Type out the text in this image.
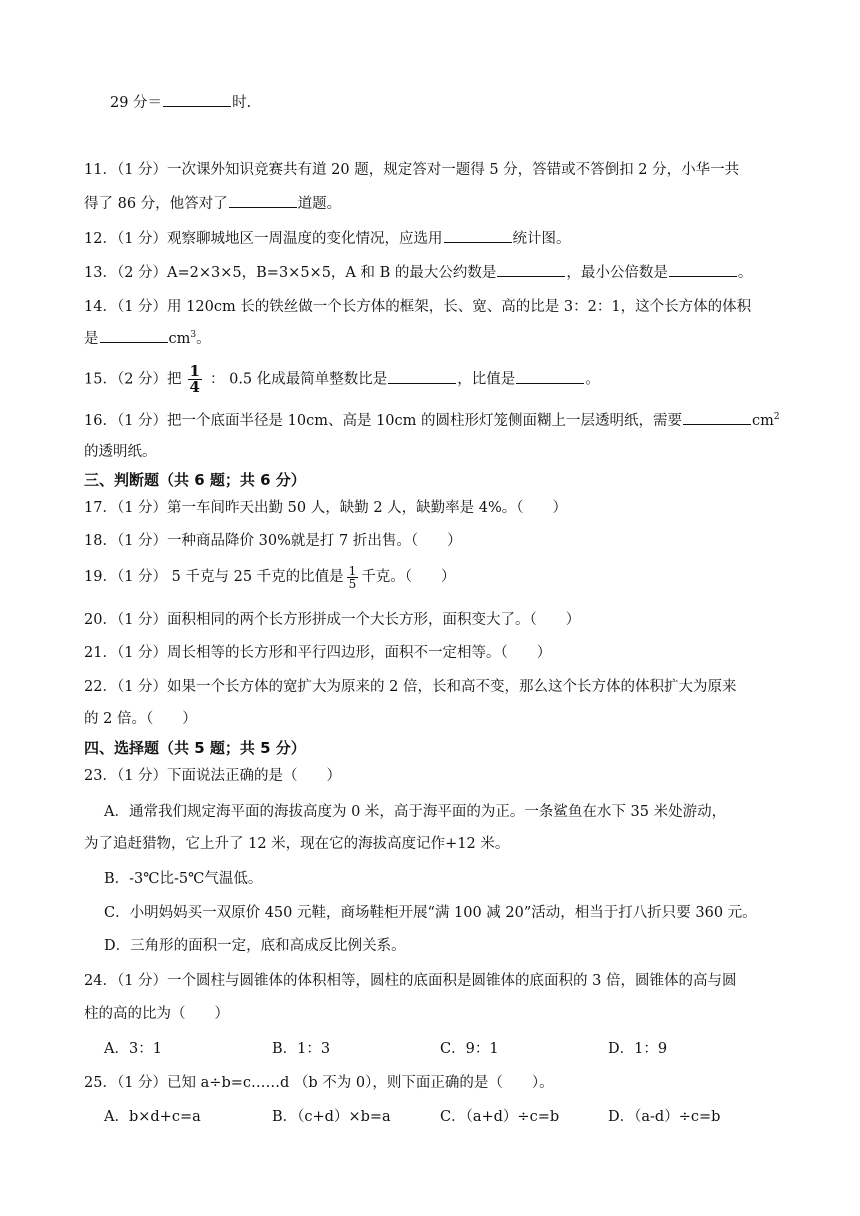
29 分＝	时.
11．（1 分）一次课外知识竞赛共有道 20 题，规定答对一题得 5 分，答错或不答倒扣 2 分，小华一共
得了 86 分，他答对了	道题。
12．（1 分）观察聊城地区一周温度的变化情况，应选用	统计图。
13．（2 分）A=2×3×5，B=3×5×5，A 和 B 的最大公约数是	，最小公倍数是	。
14．（1 分）用 120cm 长的铁丝做一个长方体的框架，长、宽、高的比是 3：2：1，这个长方体的体积
是	$cm^3$。
15．（2 分）把 $\frac{1}{4}$ ： 0.5 化成最简单整数比是	，比值是	。
16．（1 分）把一个底面半径是 10cm、高是 10cm 的圆柱形灯笼侧面糊上一层透明纸，需要	$cm^2$
的透明纸。
三、判断题（共 6 题；共 6 分）
17．（1 分）第一车间昨天出勤 50 人，缺勤 2 人，缺勤率是 4%。（　　）
18．（1 分）一种商品降价 30%就是打 7 折出售。（　　）
19．（1 分） 5 千克与 25 千克的比值是 $\frac{1}{5}$ 千克。（　　）
20．（1 分）面积相同的两个长方形拼成一个大长方形，面积变大了。（　　）
21．（1 分）周长相等的长方形和平行四边形，面积不一定相等。（　　）
22．（1 分）如果一个长方体的宽扩大为原来的 2 倍，长和高不变，那么这个长方体的体积扩大为原来
的 2 倍。（　　）
四、选择题（共 5 题；共 5 分）
23．（1 分）下面说法正确的是（　　）
A．通常我们规定海平面的海拔高度为 0 米，高于海平面的为正。一条鲨鱼在水下 35 米处游动，
为了追赶猎物，它上升了 12 米，现在它的海拔高度记作+12 米。
B．-3℃比-5℃气温低。
C．小明妈妈买一双原价 450 元鞋，商场鞋柜开展“满 100 减 20”活动，相当于打八折只要 360 元。
D．三角形的面积一定，底和高成反比例关系。
24．（1 分）一个圆柱与圆锥体的体积相等，圆柱的底面积是圆锥体的底面积的 3 倍，圆锥体的高与圆
柱的高的比为（　　）
A．3：1	B．1：3	C．9：1	D．1：9
25．（1 分）已知 a÷b=c……d （b 不为 0），则下面正确的是（　　）。
A．b×d+c=a	B．（c+d）×b=a	C．（a+d）÷c=b	D．（a-d）÷c=b
